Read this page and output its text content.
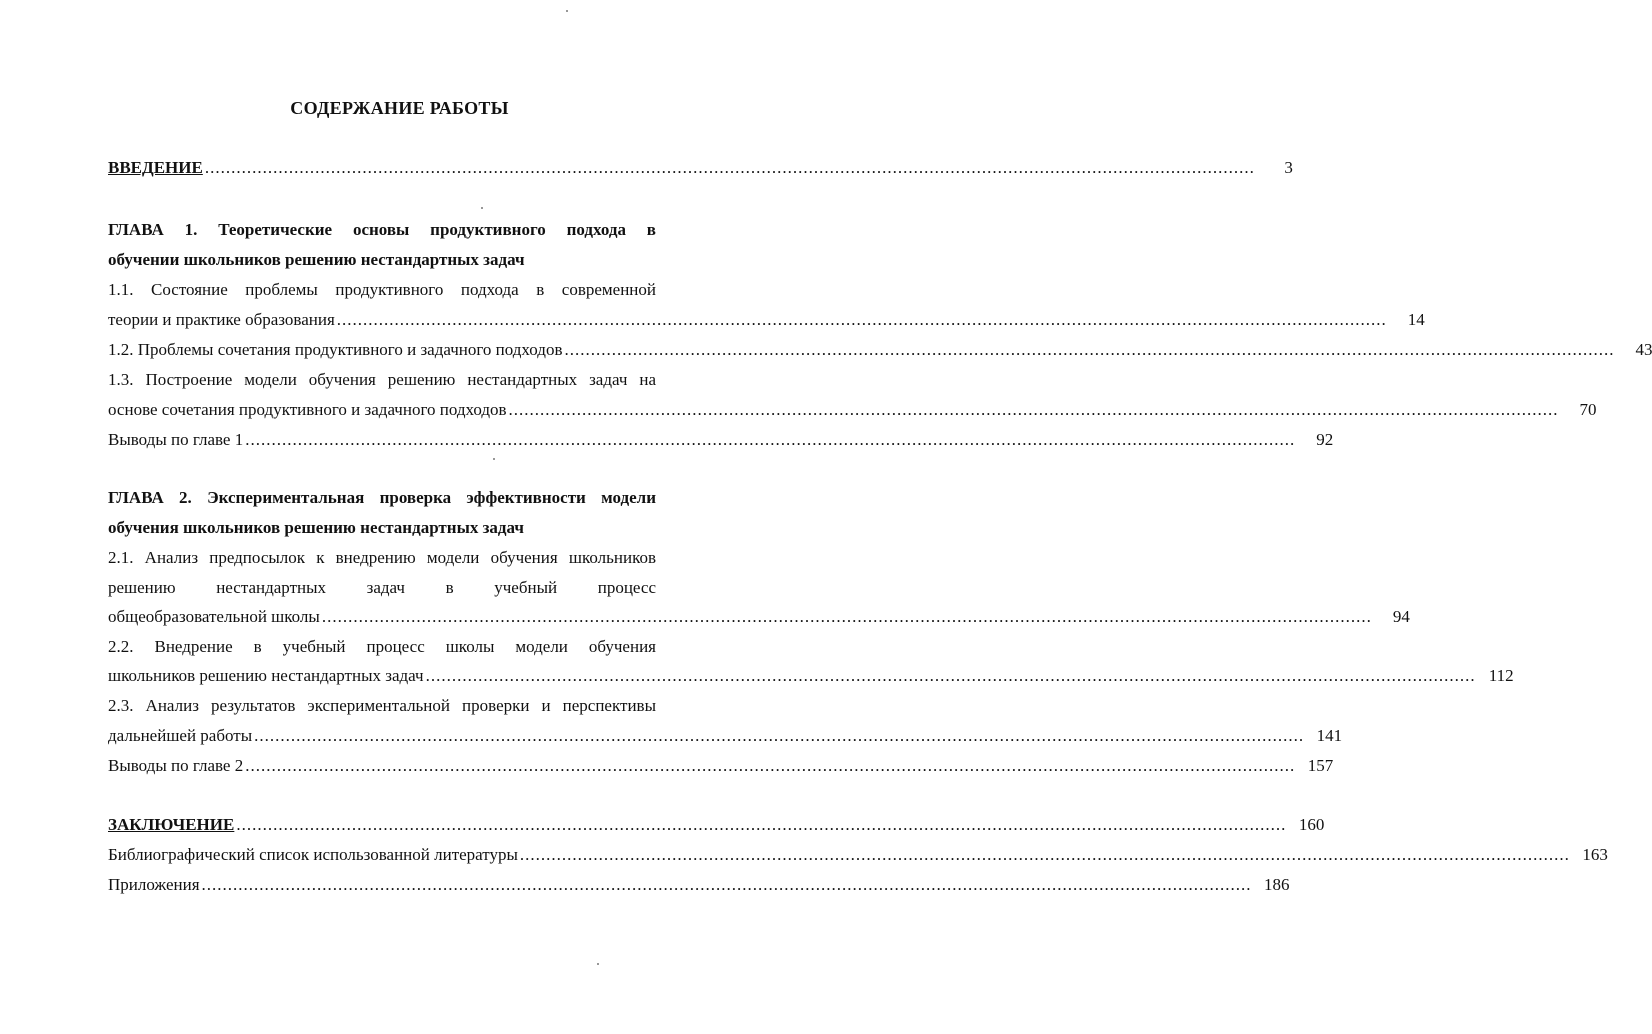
СОДЕРЖАНИЕ РАБОТЫ
ВВЕДЕНИЕ ........................................................................................................................................................................................................	3
ГЛАВА 1. Теоретические основы продуктивного подхода в
обучении школьников решению нестандартных задач
1.1. Состояние проблемы продуктивного подхода в современной
теории и практике образования ........................................................................................................................................................................................................	14
1.2. Проблемы сочетания продуктивного и задачного подходов ........................................................................................................................................................................................................	43
1.3. Построение модели обучения решению нестандартных задач на
основе сочетания продуктивного и задачного подходов ........................................................................................................................................................................................................	70
Выводы по главе 1 ........................................................................................................................................................................................................	92
ГЛАВА 2. Экспериментальная проверка эффективности модели
обучения школьников решению нестандартных задач
2.1. Анализ предпосылок к внедрению модели обучения школьников
решению нестандартных задач в учебный процесс
общеобразовательной школы ........................................................................................................................................................................................................	94
2.2. Внедрение в учебный процесс школы модели обучения
школьников решению нестандартных задач ........................................................................................................................................................................................................ 112
2.3. Анализ результатов экспериментальной проверки и перспективы
дальнейшей работы ........................................................................................................................................................................................................ 141
Выводы по главе 2 ........................................................................................................................................................................................................ 157
ЗАКЛЮЧЕНИЕ ........................................................................................................................................................................................................ 160
Библиографический список использованной литературы ........................................................................................................................................................................................................ 163
Приложения ........................................................................................................................................................................................................ 186
